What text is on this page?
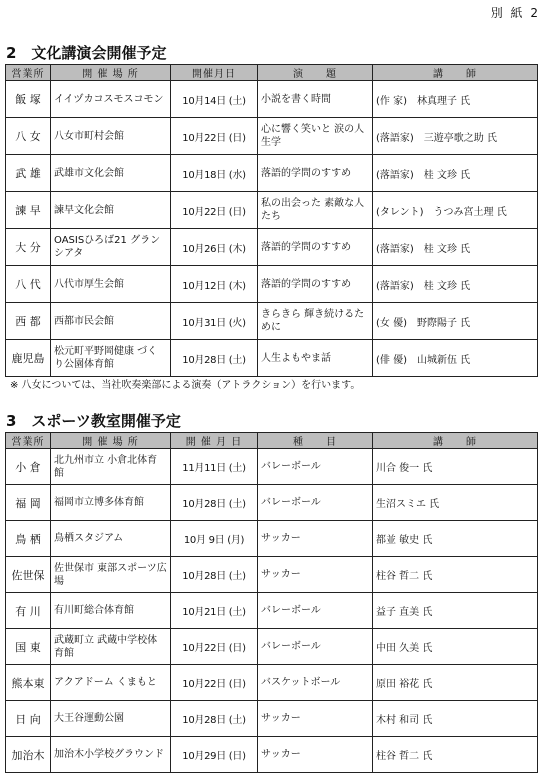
別 紙 2
2　文化講演会開催予定
営業所	開 催 場 所	開催月日	演　　題	講　　師
飯 塚	イイヅカコスモスコモン	10月14日 (土)	小説を書く時間	(作 家)　林真理子 氏
八 女	八女市町村会館	10月22日 (日)	心に響く笑いと 涙の人生学	(落語家)　三遊亭歌之助 氏
武 雄	武雄市文化会館	10月18日 (水)	落語的学問のすすめ	(落語家)　桂 文珍 氏
諫 早	諫早文化会館	10月22日 (日)	私の出会った 素敵な人たち	(タレント)　うつみ宮土理 氏
大 分	OASISひろば21 グランシアタ	10月26日 (木)	落語的学問のすすめ	(落語家)　桂 文珍 氏
八 代	八代市厚生会館	10月12日 (木)	落語的学問のすすめ	(落語家)　桂 文珍 氏
西 都	西都市民会館	10月31日 (火)	きらきら 輝き続けるために	(女 優)　野際陽子 氏
鹿児島	松元町平野岡健康 づくり公園体育館	10月28日 (土)	人生よもやま話	(俳 優)　山城新伍 氏
※ 八女については、当社吹奏楽部による演奏（アトラクション）を行います。
3　スポーツ教室開催予定
営業所	開 催 場 所	開 催 月 日	種　　目	講　　師
小 倉	北九州市立 小倉北体育館	11月11日 (土)	バレーボール	川合 俊一 氏
福 岡	福岡市立博多体育館	10月28日 (土)	バレーボール	生沼スミエ 氏
鳥 栖	鳥栖スタジアム	10月 9日 (月)	サッカー	都並 敏史 氏
佐世保	佐世保市 東部スポーツ広場	10月28日 (土)	サッカー	柱谷 哲二 氏
有 川	有川町総合体育館	10月21日 (土)	バレーボール	益子 直美 氏
国 東	武蔵町立 武蔵中学校体育館	10月22日 (日)	バレーボール	中田 久美 氏
熊本東	アクアドーム くまもと	10月22日 (日)	バスケットボール	原田 裕花 氏
日 向	大王谷運動公園	10月28日 (土)	サッカー	木村 和司 氏
加治木	加治木小学校グラウンド	10月29日 (日)	サッカー	柱谷 哲二 氏
